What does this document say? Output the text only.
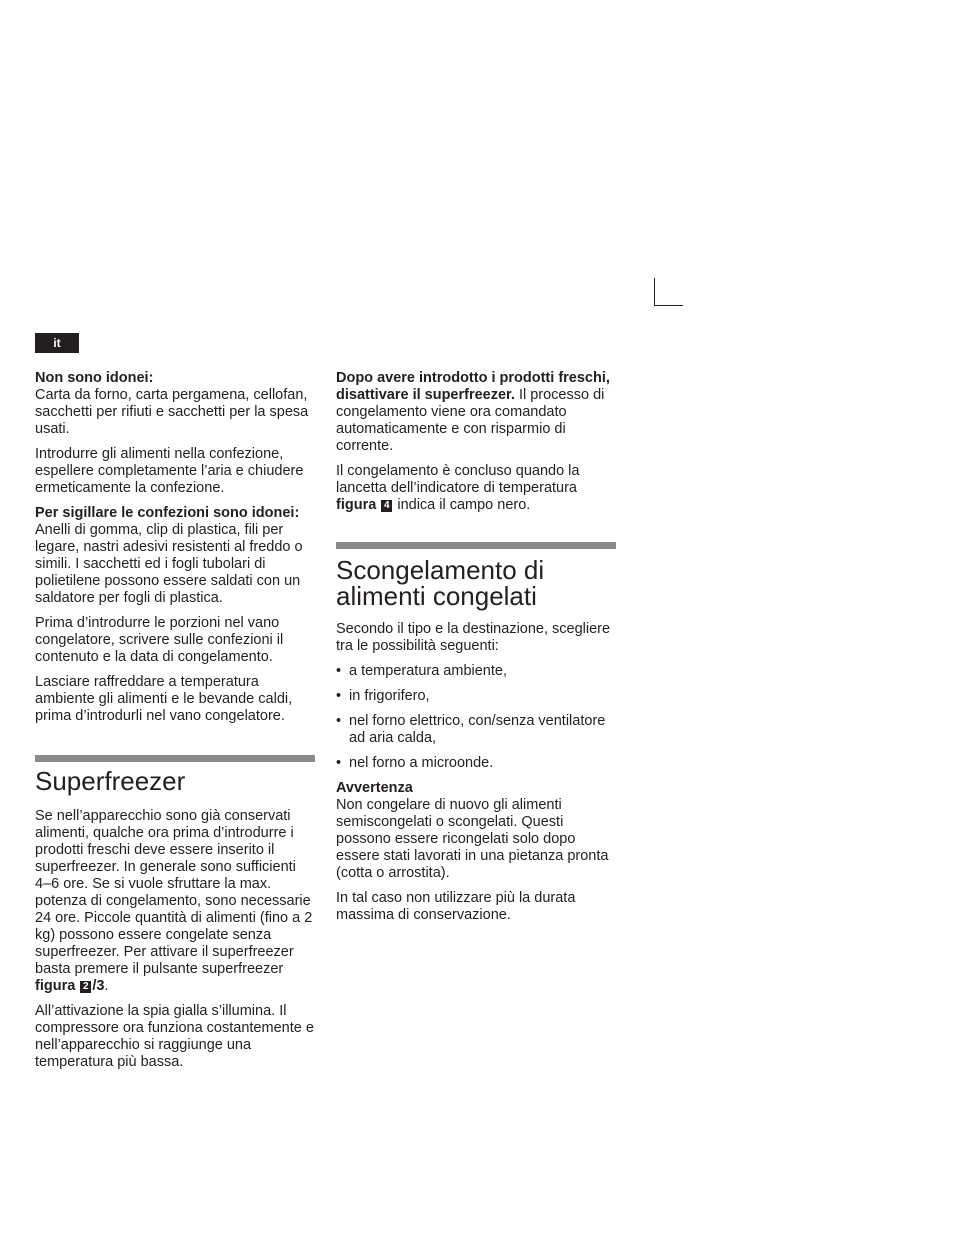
it

Non sono idonei:

Carta da forno, carta pergamena, cellofan, sacchetti per rifiuti e sacchetti per la spesa usati.

Introdurre gli alimenti nella confezione, espellere completamente l’aria e chiudere ermeticamente la confezione.

Per sigillare le confezioni sono idonei:

Anelli di gomma, clip di plastica, fili per legare, nastri adesivi resistenti al freddo o simili. I sacchetti ed i fogli tubolari di polietilene possono essere saldati con un saldatore per fogli di plastica.

Prima d’introdurre le porzioni nel vano congelatore, scrivere sulle confezioni il contenuto e la data di congelamento.

Lasciare raffreddare a temperatura ambiente gli alimenti e le bevande caldi, prima d’introdurli nel vano congelatore.

Superfreezer

Se nell’apparecchio sono già conservati alimenti, qualche ora prima d’introdurre i prodotti freschi deve essere inserito il superfreezer. In generale sono sufficienti 4–6 ore. Se si vuole sfruttare la max. potenza di congelamento, sono necessarie 24 ore. Piccole quantità di alimenti (fino a 2 kg) possono essere congelate senza superfreezer. Per attivare il superfreezer basta premere il pulsante superfreezer figura 2 /3.

All’attivazione la spia gialla s’illumina. Il compressore ora funziona costantemente e nell’apparecchio si raggiunge una temperatura più bassa.

Dopo avere introdotto i prodotti freschi, disattivare il superfreezer. Il processo di congelamento viene ora comandato automaticamente e con risparmio di corrente.

Il congelamento è concluso quando la lancetta dell’indicatore di temperatura figura 4 indica il campo nero.

Scongelamento di alimenti congelati

Secondo il tipo e la destinazione, scegliere tra le possibilità seguenti:

• a temperatura ambiente,
• in frigorifero,
• nel forno elettrico, con/senza ventilatore ad aria calda,
• nel forno a microonde.

Avvertenza

Non congelare di nuovo gli alimenti semiscongelati o scongelati. Questi possono essere ricongelati solo dopo essere stati lavorati in una pietanza pronta (cotta o arrostita).

In tal caso non utilizzare più la durata massima di conservazione.
